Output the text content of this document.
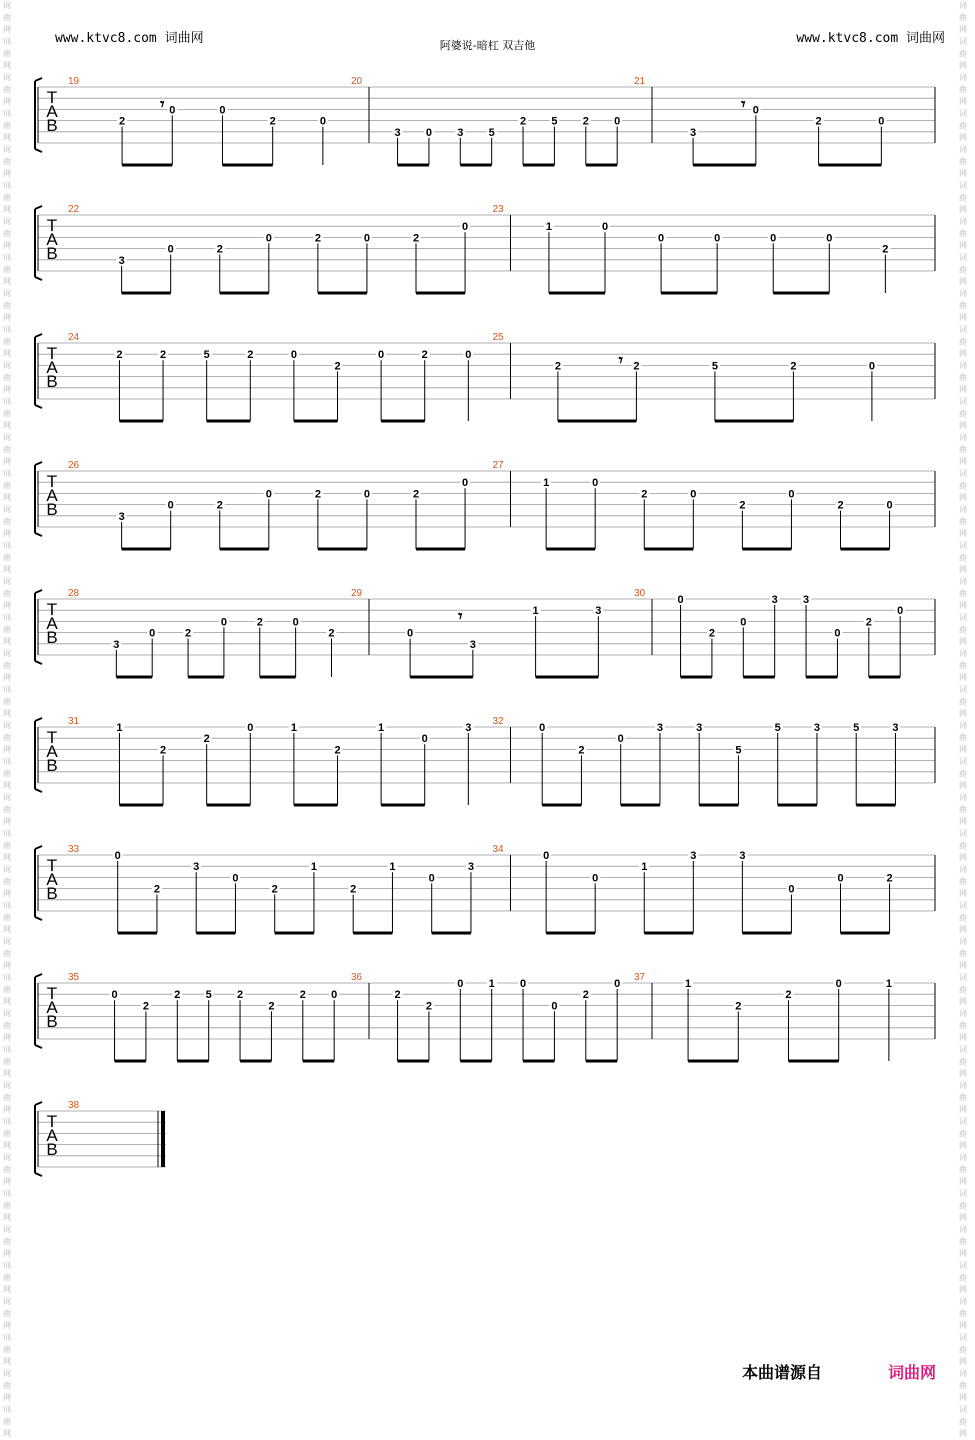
www.ktvc8.com 词曲网	阿婆说-暗杠 双吉他	www.ktvc8.com 词曲网
词曲网词曲网词曲网词曲网词曲网词曲网词曲网词曲网词曲网词曲网词曲网词曲网词曲网词曲网词曲网词曲网词曲网词曲网词曲网词曲网词曲网词曲网词曲网词曲网词曲网词曲网词曲网词曲网词曲网词曲网词曲网词曲网词曲网词曲网词曲网词曲网词曲网词曲网词曲网词曲网
词曲网词曲网词曲网词曲网词曲网词曲网词曲网词曲网词曲网词曲网词曲网词曲网词曲网词曲网词曲网词曲网词曲网词曲网词曲网词曲网词曲网词曲网词曲网词曲网词曲网词曲网词曲网词曲网词曲网词曲网词曲网词曲网词曲网词曲网词曲网词曲网词曲网词曲网词曲网词曲网
T
A
B
19
2
0	0
2	0
𝄾
20
3 0 3 5
2 5 2 0
21
3
0
2	0
𝄾
T
A
B
22
3
0	2
0	2	0	2
0
23
1	0
0	0	0	0
2
T
A
B
24
2	2	5	2	0
2
0	2	0
25
2	2	5	2	0
𝄾
T
A
B
26
3
0	2
0	2	0	2
0
27
1	0
2	0
2
0
2	0
T
A
B
28
3
0	2
0	2	0
2
29
0
3
1	3
𝄾
30
0
2
0
3 3
0
2
0
T
A
B
31
1
2
2
0	1
2
1
0
3
32
0
2
0
3	3
5
5	3	5	3
T
A
B
33
0
2
3
0
2
1
2
1
0
3
34
0
0
1
3	3
0
0	2
T
A
B
35
0
2
2 5 2
2
2 0
36
2
2
0 1 0
0
2
0
37
1
2
2
0	1
T
A
B
38
本曲谱源自	词曲网
